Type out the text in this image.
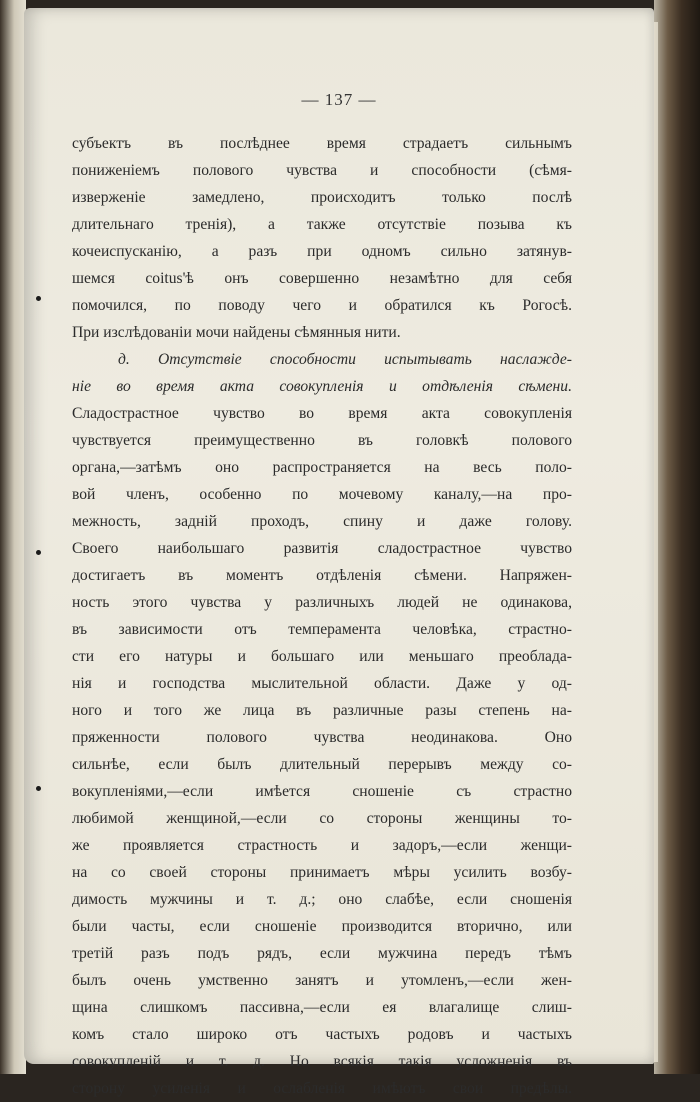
— 137 —
субъектъ въ послѣднее время страдаетъ сильнымъ
пониженіемъ полового чувства и способности (сѣмя-
изверженіе замедлено, происходитъ только послѣ
длительнаго тренія), а также отсутствіе позыва къ
кочеиспусканію, а разъ при одномъ сильно затянув-
шемся coitus'ѣ онъ совершенно незамѣтно для себя
помочился, по поводу чего и обратился къ Рогосѣ.
При изслѣдованіи мочи найдены сѣмянныя нити.
д. Отсутствіе способности испытывать наслажде-
ніе во время акта совокупленія и отдѣленія сѣмени.
Сладострастное чувство во время акта совокупленія
чувствуется преимущественно въ головкѣ полового
органа,—затѣмъ оно распространяется на весь поло-
вой членъ, особенно по мочевому каналу,—на про-
межность, задній проходъ, спину и даже голову.
Своего наибольшаго развитія сладострастное чувство
достигаетъ въ моментъ отдѣленія сѣмени. Напряжен-
ность этого чувства у различныхъ людей не одинакова,
въ зависимости отъ темперамента человѣка, страстно-
сти его натуры и большаго или меньшаго преоблада-
нія и господства мыслительной области. Даже у од-
ного и того же лица въ различные разы степень на-
пряженности полового чувства неодинакова. Оно
сильнѣе, если былъ длительный перерывъ между со-
вокупленіями,—если имѣется сношеніе съ страстно
любимой женщиной,—если со стороны женщины то-
же проявляется страстность и задоръ,—если женщи-
на со своей стороны принимаетъ мѣры усилить возбу-
димость мужчины и т. д.; оно слабѣе, если сношенія
были часты, если сношеніе производится вторично, или
третій разъ подъ рядъ, если мужчина передъ тѣмъ
былъ очень умственно занятъ и утомленъ,—если жен-
щина слишкомъ пассивна,—если ея влагалище слиш-
комъ стало широко отъ частыхъ родовъ и частыхъ
совокупленій и т. д. Но всякія такія усложненія въ
сторону усиленія и ослабленія имѣютъ свои предѣлы.
